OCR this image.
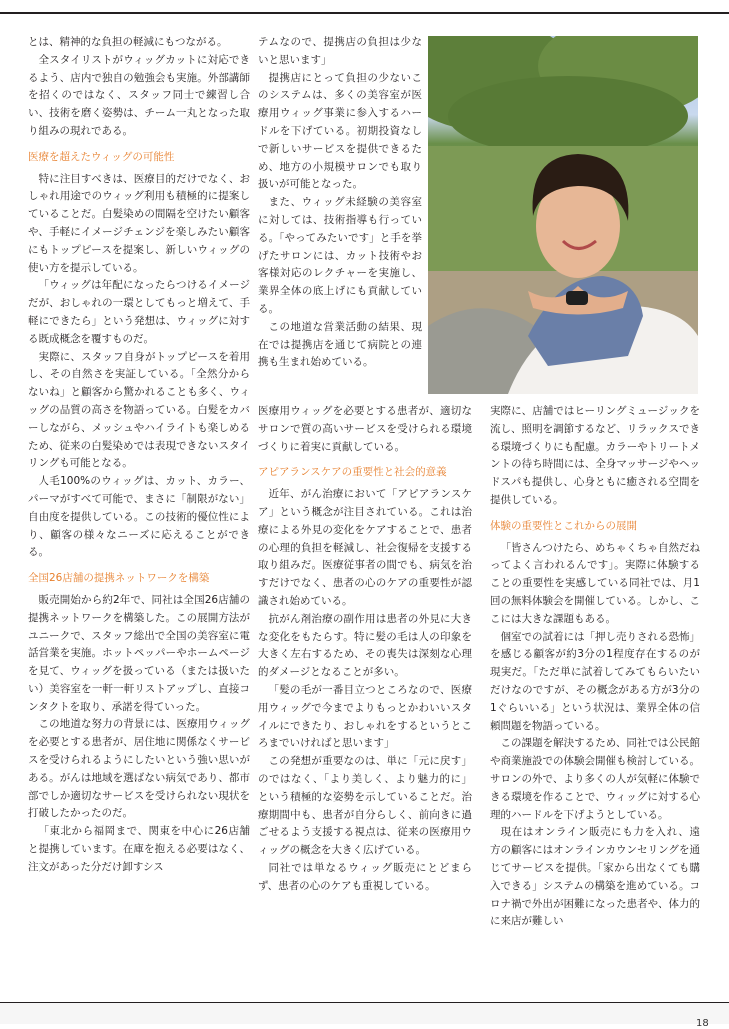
とは、精神的な負担の軽減にもつながる。

全スタイリストがウィッグカットに対応できるよう、店内で独自の勉強会も実施。外部講師を招くのではなく、スタッフ同士で練習し合い、技術を磨く姿勢は、チーム一丸となった取り組みの現れである。

医療を超えたウィッグの可能性

特に注目すべきは、医療目的だけでなく、おしゃれ用途でのウィッグ利用も積極的に提案していることだ。白髪染めの間隔を空けたい顧客や、手軽にイメージチェンジを楽しみたい顧客にもトップピースを提案し、新しいウィッグの使い方を提示している。

「ウィッグは年配になったらつけるイメージだが、おしゃれの一環としてもっと増えて、手軽にできたら」という発想は、ウィッグに対する既成概念を覆すものだ。

実際に、スタッフ自身がトップピースを着用し、その自然さを実証している。「全然分からないね」と顧客から驚かれることも多く、ウィッグの品質の高さを物語っている。白髪をカバーしながら、メッシュやハイライトも楽しめるため、従来の白髪染めでは表現できないスタイリングも可能となる。

人毛100%のウィッグは、カット、カラー、パーマがすべて可能で、まさに「制限がない」自由度を提供している。この技術的優位性により、顧客の様々なニーズに応えることができる。

全国26店舗の提携ネットワークを構築

販売開始から約2年で、同社は全国26店舗の提携ネットワークを構築した。この展開方法がユニークで、スタッフ総出で全国の美容室に電話営業を実施。ホットペッパーやホームページを見て、ウィッグを扱っている（または扱いたい）美容室を一軒一軒リストアップし、直接コンタクトを取り、承諾を得ていった。

この地道な努力の背景には、医療用ウィッグを必要とする患者が、居住地に関係なくサービスを受けられるようにしたいという強い思いがある。がんは地域を選ばない病気であり、都市部でしか適切なサービスを受けられない現状を打破したかったのだ。

「東北から福岡まで、関東を中心に26店舗と提携しています。在庫を抱える必要はなく、注文があった分だけ卸すシス

テムなので、提携店の負担は少ないと思います」

提携店にとって負担の少ないこのシステムは、多くの美容室が医療用ウィッグ事業に参入するハードルを下げている。初期投資なしで新しいサービスを提供できるため、地方の小規模サロンでも取り扱いが可能となった。

また、ウィッグ未経験の美容室に対しては、技術指導も行っている。「やってみたいです」と手を挙げたサロンには、カット技術やお客様対応のレクチャーを実施し、業界全体の底上げにも貢献している。

この地道な営業活動の結果、現在では提携店を通じて病院との連携も生まれ始めている。

医療用ウィッグを必要とする患者が、適切なサロンで質の高いサービスを受けられる環境づくりに着実に貢献している。

アピアランスケアの重要性と社会的意義

近年、がん治療において「アピアランスケア」という概念が注目されている。これは治療による外見の変化をケアすることで、患者の心理的負担を軽減し、社会復帰を支援する取り組みだ。医療従事者の間でも、病気を治すだけでなく、患者の心のケアの重要性が認識され始めている。

抗がん剤治療の副作用は患者の外見に大きな変化をもたらす。特に髪の毛は人の印象を大きく左右するため、その喪失は深刻な心理的ダメージとなることが多い。

「髪の毛が一番目立つところなので、医療用ウィッグで今までよりもっとかわいいスタイルにできたり、おしゃれをするというところまでいければと思います」

この発想が重要なのは、単に「元に戻す」のではなく、「より美しく、より魅力的に」という積極的な姿勢を示していることだ。治療期間中も、患者が自分らしく、前向きに過ごせるよう支援する視点は、従来の医療用ウィッグの概念を大きく広げている。

同社では単なるウィッグ販売にとどまらず、患者の心のケアも重視している。

実際に、店舗ではヒーリングミュージックを流し、照明を調節するなど、リラックスできる環境づくりにも配慮。カラーやトリートメントの待ち時間には、全身マッサージやヘッドスパも提供し、心身ともに癒される空間を提供している。

体験の重要性とこれからの展開

「皆さんつけたら、めちゃくちゃ自然だねってよく言われるんです」。実際に体験することの重要性を実感している同社では、月1回の無料体験会を開催している。しかし、ここには大きな課題もある。

個室での試着には「押し売りされる恐怖」を感じる顧客が約3分の1程度存在するのが現実だ。「ただ単に試着してみてもらいたいだけなのですが、その概念がある方が3分の1ぐらいいる」という状況は、業界全体の信頼問題を物語っている。

この課題を解決するため、同社では公民館や商業施設での体験会開催も検討している。サロンの外で、より多くの人が気軽に体験できる環境を作ることで、ウィッグに対する心理的ハードルを下げようとしている。

現在はオンライン販売にも力を入れ、遠方の顧客にはオンラインカウンセリングを通じてサービスを提供。「家から出なくても購入できる」システムの構築を進めている。コロナ禍で外出が困難になった患者や、体力的に来店が難しい

18
